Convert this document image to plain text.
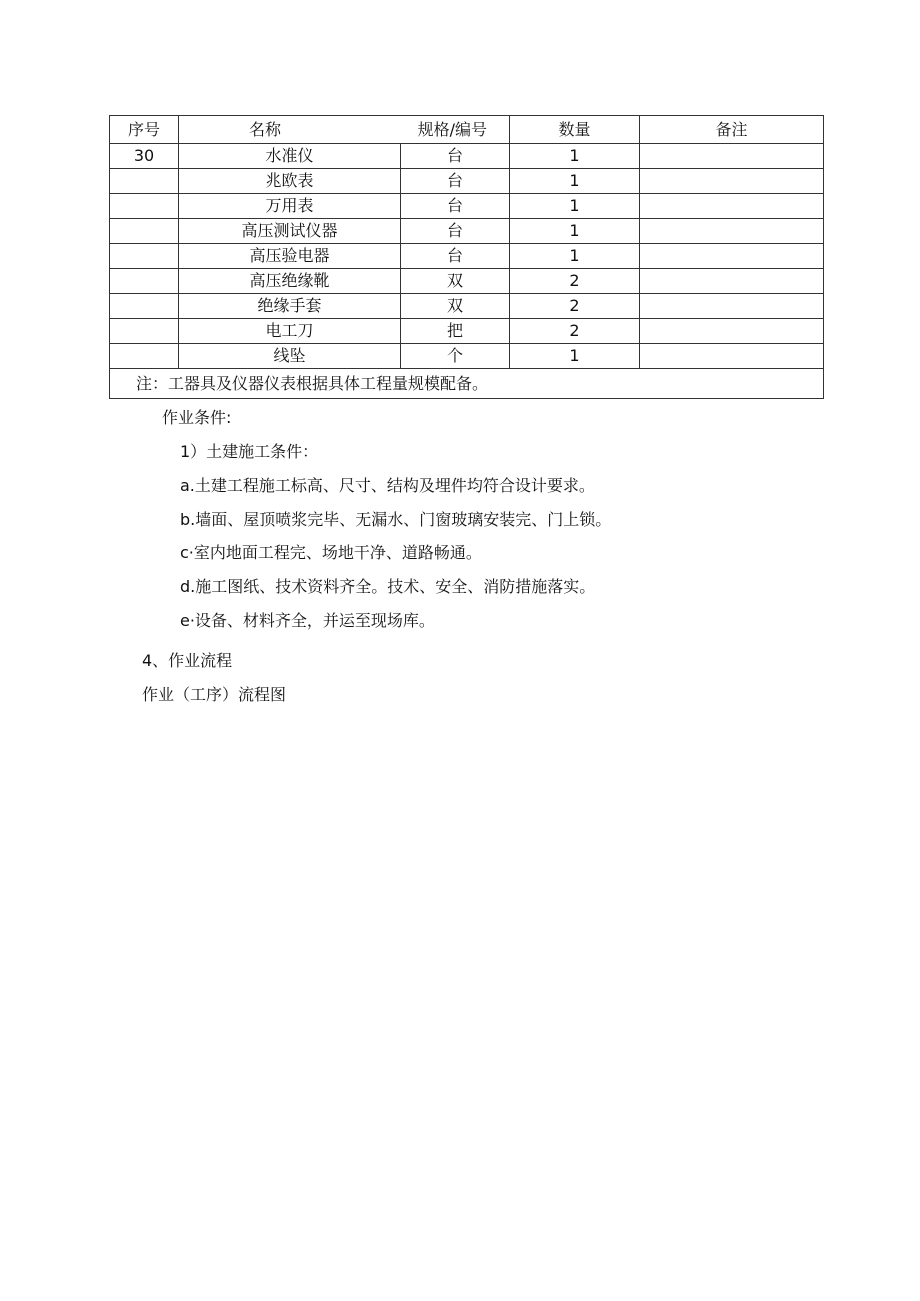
序号	名称 规格/编号		数量	备注
30	水准仪	台	1	
	兆欧表	台	1	
	万用表	台	1	
	高压测试仪器	台	1	
	高压验电器	台	1	
	高压绝缘靴	双	2	
	绝缘手套	双	2	
	电工刀	把	2	
	线坠	个	1	
注：工器具及仪器仪表根据具体工程量规模配备。				
作业条件:
1）土建施工条件：
a.土建工程施工标高、尺寸、结构及埋件均符合设计要求。
b.墙面、屋顶喷浆完毕、无漏水、门窗玻璃安装完、门上锁。
c·室内地面工程完、场地干净、道路畅通。
d.施工图纸、技术资料齐全。技术、安全、消防措施落实。
e·设备、材料齐全，并运至现场库。
4、作业流程
作业（工序）流程图
